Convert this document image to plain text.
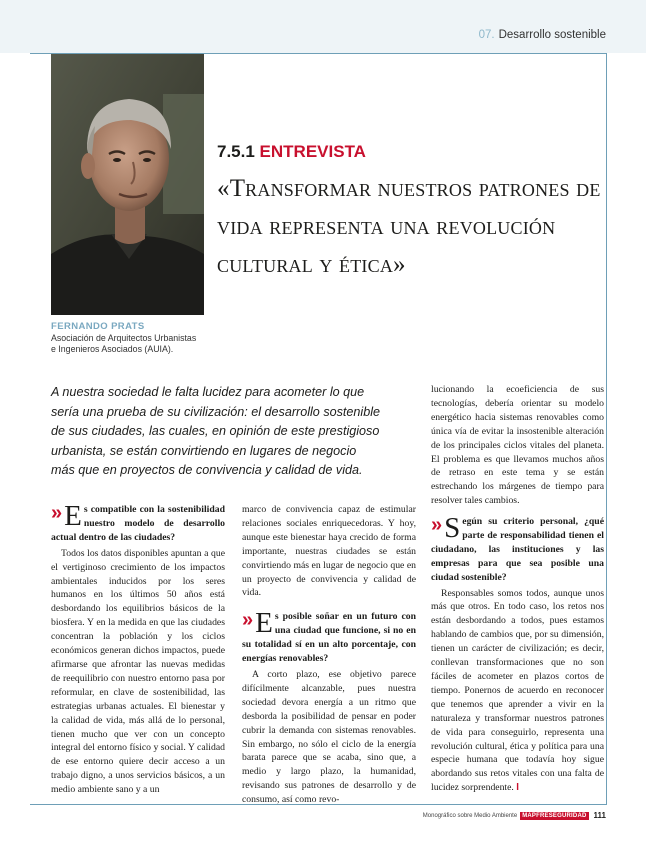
07. Desarrollo sostenible
FERNANDO PRATS
Asociación de Arquitectos Urbanistas
e Ingenieros Asociados (AUIA).
7.5.1 ENTREVISTA
«Transformar nuestros patrones de vida representa una revolución cultural y ética»

A nuestra sociedad le falta lucidez para acometer lo que sería una prueba de su civilización: el desarrollo sostenible de sus ciudades, las cuales, en opinión de este prestigioso urbanista, se están convirtiendo en lugares de negocio más que en proyectos de convivencia y calidad de vida.

» E s compatible con la sostenibilidad nuestro modelo de desarrollo actual dentro de las ciudades?

Todos los datos disponibles apuntan a que el vertiginoso crecimiento de los impactos ambientales inducidos por los seres humanos en los últimos 50 años está desbordando los equilibrios básicos de la biosfera. Y en la medida en que las ciudades concentran la población y los ciclos económicos generan dichos impactos, puede afirmarse que afrontar las nuevas medidas de reequilibrio con nuestro entorno pasa por reformular, en clave de sostenibilidad, las estrategias urbanas actuales. El bienestar y la calidad de vida, más allá de lo personal, tienen mucho que ver con un concepto integral del entorno físico y social. Y calidad de ese entorno quiere decir acceso a un trabajo digno, a unos servicios básicos, a un medio ambiente sano y a un

marco de convivencia capaz de estimular relaciones sociales enriquecedoras. Y hoy, aunque este bienestar haya crecido de forma importante, nuestras ciudades se están convirtiendo más en lugar de negocio que en un proyecto de convivencia y calidad de vida.

» E s posible soñar en un futuro con una ciudad que funcione, si no en su totalidad sí en un alto porcentaje, con energías renovables?

A corto plazo, ese objetivo parece difícilmente alcanzable, pues nuestra sociedad devora energía a un ritmo que desborda la posibilidad de pensar en poder cubrir la demanda con sistemas renovables. Sin embargo, no sólo el ciclo de la energía barata parece que se acaba, sino que, a medio y largo plazo, la humanidad, revisando sus patrones de desarrollo y de consumo, así como revo-

lucionando la ecoeficiencia de sus tecnologías, debería orientar su modelo energético hacia sistemas renovables como única vía de evitar la insostenible alteración de los principales ciclos vitales del planeta. El problema es que llevamos muchos años de retraso en este tema y se están estrechando los márgenes de tiempo para resolver tales cambios.

» S egún su criterio personal, ¿qué parte de responsabilidad tienen el ciudadano, las instituciones y las empresas para que sea posible una ciudad sostenible?

Responsables somos todos, aunque unos más que otros. En todo caso, los retos nos están desbordando a todos, pues estamos hablando de cambios que, por su dimensión, tienen un carácter de civilización; es decir, conllevan transformaciones que no son fáciles de acometer en plazos cortos de tiempo. Ponernos de acuerdo en reconocer que tenemos que aprender a vivir en la naturaleza y transformar nuestros patrones de vida para conseguirlo, representa una revolución cultural, ética y política para una especie humana que todavía hoy sigue abordando sus retos vitales con una falta de lucidez sorprendente. I

Monográfico sobre Medio Ambiente MAPFRESEGURIDAD 111
